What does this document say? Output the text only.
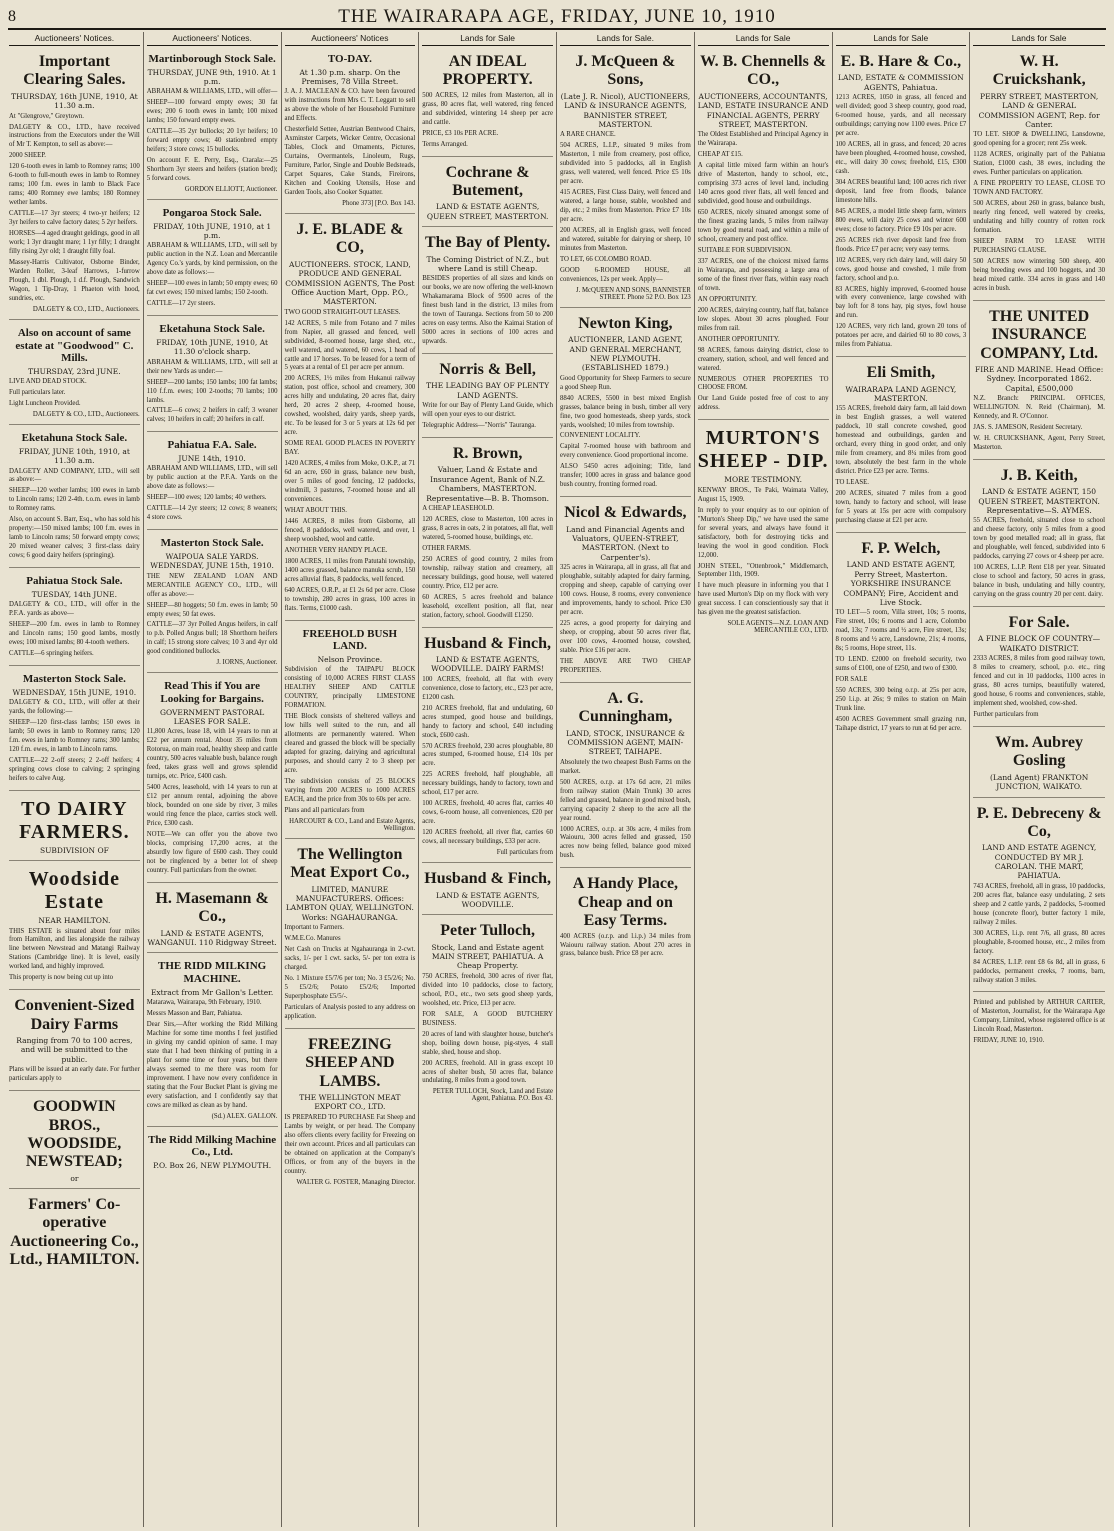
8	THE WAIRARAPA AGE, FRIDAY, JUNE 10, 1910
Auctioneers' Notices.
Important Clearing Sales.
THURSDAY, 16th JUNE, 1910, At 11.30 a.m.
At "Glengrove," Greytown.
DALGETY & CO., LTD., have received instructions from the Executors under the Will of Mr T. Kempton, to sell as above:—
2000 SHEEP.
120 6-tooth ewes in lamb to Romney rams; 100 6-tooth to full-mouth ewes in lamb to Romney rams; 100 f.m. ewes in lamb to Black Face rams; 400 Romney ewe lambs; 180 Romney wether lambs.
CATTLE—17 3yr steers; 4 two-yr heifers; 12 3yr heifers to calve factory dates; 5 2yr heifers.
HORSES—4 aged draught geldings, good in all work; 1 3yr draught mare; 1 1yr filly; 1 draught filly rising 2yr old; 1 draught filly foal.
Massey-Harris Cultivator, Osborne Binder, Warden Roller, 3-leaf Harrows, 1-furrow Plough, 1 dbl. Plough, 1 d.f. Plough, Sandwich Wagon, 1 Tip-Dray, 1 Phaeton with hood, sundries, etc.
DALGETY & CO., LTD., Auctioneers.
Also on account of same estate at "Goodwood" C. Mills.
THURSDAY, 23rd JUNE.
LIVE AND DEAD STOCK.
Full particulars later.
Light Luncheon Provided.
DALGETY & CO., LTD., Auctioneers.
Eketahuna Stock Sale.
FRIDAY, JUNE 10th, 1910, at 11.30 a.m.
DALGETY AND COMPANY, LTD., will sell as above:—
SHEEP—120 wether lambs; 100 ewes in lamb to Lincoln rams; 120 2-4th. t.o.m. ewes in lamb to Romney rams.
Also, on account S. Barr, Esq., who has sold his property:—150 mixed lambs; 100 f.m. ewes in lamb to Lincoln rams; 50 forward empty cows; 20 mixed weaner calves; 3 first-class dairy cows; 6 good dairy heifers (springing).
Pahiatua Stock Sale.
TUESDAY, 14th JUNE.
DALGETY & CO., LTD., will offer in the P.F.A. yards as above—
SHEEP—200 f.m. ewes in lamb to Romney and Lincoln rams; 150 good lambs, mostly ewes; 100 mixed lambs; 80 4-tooth wethers.
CATTLE—6 springing heifers.
Masterton Stock Sale.
WEDNESDAY, 15th JUNE, 1910.
DALGETY & CO., LTD., will offer at their yards, the following:—
SHEEP—120 first-class lambs; 150 ewes in lamb; 50 ewes in lamb to Romney rams; 120 f.m. ewes in lamb to Romney rams; 300 lambs; 120 f.m. ewes, in lamb to Lincoln rams.
CATTLE—22 2-off steers; 2 2-off heifers; 4 springing cows close to calving; 2 springing heifers to calve Aug.
TO DAIRY FARMERS.
SUBDIVISION OF
Woodside Estate
NEAR HAMILTON.
THIS ESTATE is situated about four miles from Hamilton, and lies alongside the railway line between Newstead and Matangi Railway Stations (Cambridge line). It is level, easily worked land, and highly improved.
This property is now being cut up into
Convenient-Sized Dairy Farms
Ranging from 70 to 100 acres, and will be submitted to the public.
Plans will be issued at an early date. For further particulars apply to
GOODWIN BROS., WOODSIDE, NEWSTEAD;
or
Farmers' Co-operative Auctioneering Co., Ltd., HAMILTON.
Auctioneers' Notices.
Martinborough Stock Sale.
THURSDAY, JUNE 9th, 1910. At 1 p.m.
ABRAHAM & WILLIAMS, LTD., will offer—
SHEEP—100 forward empty ewes; 30 fat ewes; 200 6 tooth ewes in lamb; 100 mixed lambs; 150 forward empty ewes.
CATTLE—35 2yr bullocks; 20 1yr heifers; 10 forward empty cows; 40 stationbred empty heifers; 3 store cows; 15 bullocks.
On account F. E. Perry, Esq., Ctarala:—25 Shorthorn 3yr steers and heifers (station bred); 5 forward cows.
GORDON ELLIOTT, Auctioneer.
Pongaroa Stock Sale.
FRIDAY, 10th JUNE, 1910, at 1 p.m.
ABRAHAM & WILLIAMS, LTD., will sell by public auction in the N.Z. Loan and Mercantile Agency Co.'s yards, by kind permission, on the above date as follows:—
SHEEP—100 ewes in lamb; 50 empty ewes; 60 fat cwt ewes; 150 mixed lambs; 150 2-tooth.
CATTLE—17 2yr steers.
Eketahuna Stock Sale.
FRIDAY, 10th JUNE, 1910, At 11.30 o'clock sharp.
ABRAHAM & WILLIAMS, LTD., will sell at their new Yards as under:—
SHEEP—200 lambs; 150 lambs; 100 fat lambs; 110 f.f.m. ewes; 100 2-tooths; 70 lambs; 100 lambs.
CATTLE—6 cows; 2 heifers in calf; 3 weaner calves; 10 heifers in calf; 20 heifers in calf.
Pahiatua F.A. Sale.
JUNE 14th, 1910.
ABRAHAM AND WILLIAMS, LTD., will sell by public auction at the P.F.A. Yards on the above date as follows:—
SHEEP—100 ewes; 120 lambs; 40 wethers.
CATTLE—14 2yr steers; 12 cows; 8 weaners; 4 store cows.
Masterton Stock Sale.
WAIPOUA SALE YARDS. WEDNESDAY, JUNE 15th, 1910.
THE NEW ZEALAND LOAN AND MERCANTILE AGENCY CO., LTD., will offer as above:—
SHEEP—80 hoggets; 50 f.m. ewes in lamb; 50 empty ewes; 50 fat ewes.
CATTLE—37 3yr Polled Angus heifers, in calf to p.b. Polled Angus bull; 18 Shorthorn heifers in calf; 15 strong store calves; 10 3 and 4yr old good conditioned bullocks.
J. IORNS, Auctioneer.
Read This if You are Looking for Bargains.
GOVERNMENT PASTORAL LEASES FOR SALE.
11,800 Acres, lease 18, with 14 years to run at £22 per annum rental. About 35 miles from Rotorua, on main road, healthy sheep and cattle country, 500 acres valuable bush, balance rough feed, takes grass well and grows splendid turnips, etc. Price, £400 cash.
5400 Acres, leasehold, with 14 years to run at £12 per annum rental, adjoining the above block, bounded on one side by river, 3 miles would ring fence the place, carries stock well. Price, £300 cash.
NOTE—We can offer you the above two blocks, comprising 17,200 acres, at the absurdly low figure of £600 cash. They could not be ringfenced by a better lot of sheep country. Full particulars from the owner.
H. Masemann & Co.,
LAND & ESTATE AGENTS, WANGANUI. 110 Ridgway Street.
THE RIDD MILKING MACHINE.
Extract from Mr Gallon's Letter.
Matarawa, Wairarapa, 9th February, 1910.
Messrs Masson and Barr, Pahiatua.
Dear Sirs,—After working the Ridd Milking Machine for some time months I feel justified in giving my candid opinion of same. I may state that I had been thinking of putting in a plant for some time or four years, but there always seemed to me there was room for improvement. I have now every confidence in stating that the Four Bucket Plant is giving me every satisfaction, and I confidently say that cows are milked as clean as by hand.
(Sd.) ALEX. GALLON.
The Ridd Milking Machine Co., Ltd.
P.O. Box 26, NEW PLYMOUTH.
Auctioneers' Notices
TO-DAY.
At 1.30 p.m. sharp. On the Premises, 78 Villa Street.
J. A. J. MACLEAN & CO. have been favoured with instructions from Mrs C. T. Leggatt to sell as above the whole of her Household Furniture and Effects.
Chesterfield Settee, Austrian Bentwood Chairs, Axminster Carpets, Wicker Centre, Occasional Tables, Clock and Ornaments, Pictures, Curtains, Overmantels, Linoleum, Rugs, Furniture, Parlor, Single and Double Bedsteads, Carpet Squares, Cake Stands, Fireirons, Kitchen and Cooking Utensils, Hose and Garden Tools, also Cooker Squatter.
Phone 373] [P.O. Box 143.
J. E. BLADE & CO,
AUCTIONEERS. STOCK, LAND, PRODUCE AND GENERAL COMMISSION AGENTS, The Post Office Auction Mart, Opp. P.O., MASTERTON.
TWO GOOD STRAIGHT-OUT LEASES.
142 ACRES, 5 mile from Fotano and 7 miles from Napier, all grassed and fenced, well subdivided, 8-roomed house, large shed, etc., well watered, and watered, 60 cows, 1 head of cattle and 17 horses. To be leased for a term of 5 years at a rental of £1 per acre per annum.
200 ACRES, 1½ miles from Hukanui railway station, post office, school and creamery, 300 acres hilly and undulating, 20 acres flat, dairy herd, 20 acres 2 sheep, 4-roomed house, cowshed, woolshed, dairy yards, sheep yards, etc. To be leased for 3 or 5 years at 12s 6d per acre.
SOME REAL GOOD PLACES IN POVERTY BAY.
1420 ACRES, 4 miles from Moke, O.K.P., at 71 6d an acre, £60 in grass, balance new bush, over 5 miles of good fencing, 12 paddocks, windmill, 3 pastures, 7-roomed house and all conveniences.
WHAT ABOUT THIS.
1446 ACRES, 8 miles from Gisborne, all fenced, 8 paddocks, well watered, and over, 1 sheep woolshed, wool and cattle.
ANOTHER VERY HANDY PLACE.
1800 ACRES, 11 miles from Patutahi township, 1400 acres grassed, balance manuka scrub, 150 acres alluvial flats, 8 paddocks, well fenced.
640 ACRES, O.R.P., at £1 2s 6d per acre. Close to township, 280 acres in grass, 100 acres in flats. Terms, £1000 cash.
FREEHOLD BUSH LAND.
Nelson Province.
Subdivision of the TAIPAPU BLOCK consisting of 10,000 ACRES FIRST CLASS HEALTHY SHEEP AND CATTLE COUNTRY, principally LIMESTONE FORMATION.
THE Block consists of sheltered valleys and low hills well suited to the run, and all allotments are permanently watered. When cleared and grassed the block will be specially adapted for grazing, dairying and agricultural purposes, and should carry 2 to 3 sheep per acre.
The subdivision consists of 25 BLOCKS varying from 200 ACRES to 1000 ACRES EACH, and the price from 30s to 60s per acre.
Plans and all particulars from
HARCOURT & CO., Land and Estate Agents, Wellington.
The Wellington Meat Export Co.,
LIMITED, MANURE MANUFACTURERS. Offices: LAMBTON QUAY, WELLINGTON. Works: NGAHAURANGA.
Important to Farmers.
W.M.E.Co. Manures
Net Cash on Trucks at Ngahauranga in 2-cwt. sacks, 1/- per 1 cwt. sacks, 5/- per ton extra is charged.
No. 1 Mixture £5/7/6 per ton; No. 3 £5/2/6; No. 5 £5/2/6; Potato £5/2/6; Imported Superphosphate £5/5/-.
Particulars of Analysis posted to any address on application.
FREEZING SHEEP AND LAMBS.
THE WELLINGTON MEAT EXPORT CO., LTD.
IS PREPARED TO PURCHASE Fat Sheep and Lambs by weight, or per head. The Company also offers clients every facility for Freezing on their own account. Prices and all particulars can be obtained on application at the Company's Offices, or from any of the buyers in the country.
WALTER G. FOSTER, Managing Director.
Lands for Sale
AN IDEAL PROPERTY.
500 ACRES, 12 miles from Masterton, all in grass, 80 acres flat, well watered, ring fenced and subdivided, wintering 14 sheep per acre and cattle.
PRICE, £3 10s PER ACRE.
Terms Arranged.
Cochrane & Butement,
LAND & ESTATE AGENTS, QUEEN STREET, MASTERTON.
The Bay of Plenty.
The Coming District of N.Z., but where Land is still Cheap.
BESIDES properties of all sizes and kinds on our books, we are now offering the well-known Whakamarama Block of 9500 acres of the finest bush land in the district, 13 miles from the town of Tauranga. Sections from 50 to 200 acres on easy terms. Also the Kaimai Station of 5000 acres in sections of 100 acres and upwards.
Norris & Bell,
THE LEADING BAY OF PLENTY LAND AGENTS.
Write for our Bay of Plenty Land Guide, which will open your eyes to our district.
Telegraphic Address—"Norris" Tauranga.
R. Brown,
Valuer, Land & Estate and Insurance Agent, Bank of N.Z. Chambers, MASTERTON. Representative—B. B. Thomson.
A CHEAP LEASEHOLD.
120 ACRES, close to Masterton, 100 acres in grass, 8 acres in oats, 2 in potatoes, all flat, well watered, 5-roomed house, buildings, etc.
OTHER FARMS.
250 ACRES of good country, 2 miles from township, railway station and creamery, all necessary buildings, good house, well watered country. Price, £12 per acre.
60 ACRES, 5 acres freehold and balance leasehold, excellent position, all flat, near station, factory, school. Goodwill £1250.
Husband & Finch,
LAND & ESTATE AGENTS, WOODVILLE. DAIRY FARMS!
100 ACRES, freehold, all flat with every convenience, close to factory, etc., £23 per acre, £1200 cash.
210 ACRES freehold, flat and undulating, 60 acres stumped, good house and buildings, handy to factory and school, £40 including stock, £600 cash.
570 ACRES freehold, 230 acres ploughable, 80 acres stumped, 6-roomed house, £14 10s per acre.
225 ACRES freehold, half ploughable, all necessary buildings, handy to factory, town and school, £17 per acre.
100 ACRES, freehold, 40 acres flat, carries 40 cows, 6-room house, all conveniences, £20 per acre.
120 ACRES freehold, all river flat, carries 60 cows, all necessary buildings, £33 per acre.
Full particulars from
Husband & Finch,
LAND & ESTATE AGENTS, WOODVILLE.
Peter Tulloch,
Stock, Land and Estate agent MAIN STREET, PAHIATUA. A Cheap Property.
750 ACRES, freehold, 300 acres of river flat, divided into 10 paddocks, close to factory, school, P.O., etc., two sets good sheep yards, woolshed, etc. Price, £13 per acre.
FOR SALE, A GOOD BUTCHERY BUSINESS.
20 acres of land with slaughter house, butcher's shop, boiling down house, pig-styes, 4 stall stable, shed, house and shop.
200 ACRES, freehold. All in grass except 10 acres of shelter bush, 50 acres flat, balance undulating, 8 miles from a good town.
PETER TULLOCH, Stock, Land and Estate Agent, Pahiatua. P.O. Box 43.
Lands for Sale.
J. McQueen & Sons,
(Late J. R. Nicol), AUCTIONEERS, LAND & INSURANCE AGENTS, BANNISTER STREET, MASTERTON.
A RARE CHANCE.
504 ACRES, L.I.P., situated 9 miles from Masterton, 1 mile from creamery, post office, subdivided into 5 paddocks, all in English grass, well watered, well fenced. Price £5 10s per acre.
415 ACRES, First Class Dairy, well fenced and watered, a large house, stable, woolshed and dip, etc.; 2 miles from Masterton. Price £7 10s per acre.
200 ACRES, all in English grass, well fenced and watered, suitable for dairying or sheep, 10 minutes from Masterton.
TO LET, 66 COLOMBO ROAD.
GOOD 6-ROOMED HOUSE, all conveniences, 12s per week. Apply—
J. McQUEEN AND SONS, BANNISTER STREET. Phone 52 P.O. Box 123
Newton King,
AUCTIONEER, LAND AGENT, AND GENERAL MERCHANT, NEW PLYMOUTH. (ESTABLISHED 1879.)
Good Opportunity for Sheep Farmers to secure a good Sheep Run.
8840 ACRES, 5500 in best mixed English grasses, balance being in bush, timber all very fine, two good homesteads, sheep yards, stock yards, woolshed; 10 miles from township.
CONVENIENT LOCALITY.
Capital 7-roomed house with bathroom and every convenience. Good proportional income.
ALSO 5450 acres adjoining; Title, land transfer; 1000 acres in grass and balance good bush country, fronting formed road.
Nicol & Edwards,
Land and Financial Agents and Valuators, QUEEN-STREET, MASTERTON. (Next to Carpenter's).
325 acres in Wairarapa, all in grass, all flat and ploughable, suitably adapted for dairy farming, cropping and sheep, capable of carrying over 100 cows. House, 8 rooms, every convenience and improvements, handy to school. Price £30 per acre.
225 acres, a good property for dairying and sheep, or cropping, about 50 acres river flat, over 100 cows, 4-roomed house, cowshed, stable. Price £16 per acre.
THE ABOVE ARE TWO CHEAP PROPERTIES.
A. G. Cunningham,
LAND, STOCK, INSURANCE & COMMISSION AGENT, MAIN-STREET, TAIHAPE.
Absolutely the two cheapest Bush Farms on the market.
500 ACRES, o.r.p. at 17s 6d acre, 21 miles from railway station (Main Trunk) 30 acres felled and grassed, balance in good mixed bush, carrying capacity 2 sheep to the acre all the year round.
1000 ACRES, o.r.p. at 30s acre, 4 miles from Waiouru, 300 acres felled and grassed, 150 acres now being felled, balance good mixed bush.
A Handy Place, Cheap and on Easy Terms.
400 ACRES (o.r.p. and l.i.p.) 34 miles from Waiouru railway station. About 270 acres in grass, balance bush. Price £8 per acre.
Lands for Sale
W. B. Chennells & CO.,
AUCTIONEERS, ACCOUNTANTS, LAND, ESTATE INSURANCE AND FINANCIAL AGENTS, PERRY STREET, MASTERTON.
The Oldest Established and Principal Agency in the Wairarapa.
CHEAP AT £15.
A capital little mixed farm within an hour's drive of Masterton, handy to school, etc., comprising 373 acres of level land, including 140 acres good river flats, all well fenced and subdivided, good house and outbuildings.
650 ACRES, nicely situated amongst some of the finest grazing lands, 5 miles from railway town by good metal road, and within a mile of school, creamery and post office.
SUITABLE FOR SUBDIVISION.
337 ACRES, one of the choicest mixed farms in Wairarapa, and possessing a large area of some of the finest river flats, within easy reach of town.
AN OPPORTUNITY.
200 ACRES, dairying country, half flat, balance low slopes. About 30 acres ploughed. Four miles from rail.
ANOTHER OPPORTUNITY.
98 ACRES, famous dairying district, close to creamery, station, school, and well fenced and watered.
NUMEROUS OTHER PROPERTIES TO CHOOSE FROM.
Our Land Guide posted free of cost to any address.
MURTON'S SHEEP - DIP.
MORE TESTIMONY.
KENWAY BROS., Te Paki, Waimata Valley, August 15, 1909.
In reply to your enquiry as to our opinion of "Murton's Sheep Dip," we have used the same for several years, and always have found it satisfactory, both for destroying ticks and leaving the wool in good condition. Flock 12,000.
JOHN STEEL, "Ottenbrook," Middlemarch, September 11th, 1909.
I have much pleasure in informing you that I have used Murton's Dip on my flock with very great success. I can conscientiously say that it has given me the greatest satisfaction.
SOLE AGENTS—N.Z. LOAN AND MERCANTILE CO., LTD.
Lands for Sale
E. B. Hare & Co.,
LAND, ESTATE & COMMISSION AGENTS, Pahiatua.
1213 ACRES, 1050 in grass, all fenced and well divided; good 3 sheep country, good road, 6-roomed house, yards, and all necessary outbuildings; carrying now 1100 ewes. Price £7 per acre.
100 ACRES, all in grass, and fenced; 20 acres have been ploughed, 4-roomed house, cowshed, etc., will dairy 30 cows; freehold, £15, £300 cash.
304 ACRES beautiful land; 100 acres rich river deposit, land free from floods, balance limestone hills.
845 ACRES, a model little sheep farm, winters 800 ewes, will dairy 25 cows and winter 600 ewes; close to factory. Price £9 10s per acre.
265 ACRES rich river deposit land free from floods. Price £7 per acre; very easy terms.
102 ACRES, very rich dairy land, will dairy 50 cows, good house and cowshed, 1 mile from factory, school and p.o.
83 ACRES, highly improved, 6-roomed house with every convenience, large cowshed with bay loft for 8 tons hay, pig styes, fowl house and run.
120 ACRES, very rich land, grown 20 tons of potatoes per acre, and dairied 60 to 80 cows, 3 miles from Pahiatua.
Eli Smith,
WAIRARAPA LAND AGENCY, MASTERTON.
155 ACRES, freehold dairy farm, all laid down in best English grasses, a well watered paddock, 10 stall concrete cowshed, good homestead and outbuildings, garden and orchard, every thing in good order, and only mile from creamery, and 8¼ miles from good town, absolutely the best farm in the whole district. Price £23 per acre. Terms.
TO LEASE.
200 ACRES, situated 7 miles from a good town, handy to factory and school, will lease for 5 years at 15s per acre with compulsory purchasing clause at £21 per acre.
F. P. Welch,
LAND AND ESTATE AGENT, Perry Street, Masterton. YORKSHIRE INSURANCE COMPANY; Fire, Accident and Live Stock.
TO LET—5 room, Villa street, 10s; 5 rooms, Fire street, 10s; 6 rooms and 1 acre, Colombo road, 13s; 7 rooms and ½ acre, Fire street, 13s; 8 rooms and ½ acre, Lansdowne, 21s; 4 rooms, 8s; 5 rooms, Hope street, 11s.
TO LEND. £2000 on freehold security, two sums of £100, one of £250, and two of £300.
FOR SALE
550 ACRES, 300 being o.r.p. at 25s per acre, 250 l.i.p. at 26s; 9 miles to station on Main Trunk line.
4500 ACRES Government small grazing run, Taihape district, 17 years to run at 6d per acre.
Lands for Sale
W. H. Cruickshank,
PERRY STREET, MASTERTON, LAND & GENERAL COMMISSION AGENT, Rep. for Canter.
TO LET. SHOP & DWELLING, Lansdowne, good opening for a grocer; rent 25s week.
1128 ACRES, originally part of the Pahiatua Station, £1000 cash, 38 ewes, including the ewes. Further particulars on application.
A FINE PROPERTY TO LEASE, CLOSE TO TOWN AND FACTORY.
500 ACRES, about 260 in grass, balance bush, nearly ring fenced, well watered by creeks, undulating and hilly country of rotten rock formation.
SHEEP FARM TO LEASE WITH PURCHASING CLAUSE.
500 ACRES now wintering 500 sheep, 400 being breeding ewes and 100 hoggets, and 30 head mixed cattle. 334 acres in grass and 140 acres in bush.
THE UNITED INSURANCE COMPANY, Ltd.
FIRE AND MARINE. Head Office: Sydney. Incorporated 1862. Capital, £500,000
N.Z. Branch: PRINCIPAL OFFICES, WELLINGTON. N. Reid (Chairman), M. Kennedy, and R. O'Connor.
JAS. S. JAMESON, Resident Secretary.
W. H. CRUICKSHANK, Agent, Perry Street, Masterton.
J. B. Keith,
LAND & ESTATE AGENT, 150 QUEEN STREET, MASTERTON. Representative—S. AYMES.
55 ACRES, freehold, situated close to school and cheese factory, only 5 miles from a good town by good metalled road; all in grass, flat and ploughable, well fenced, subdivided into 6 paddocks, carrying 27 cows or 4 sheep per acre.
100 ACRES, L.I.P. Rent £18 per year. Situated close to school and factory, 50 acres in grass, balance in bush, undulating and hilly country, carrying on the grass country 20 per cent. dairy.
For Sale.
A FINE BLOCK OF COUNTRY—WAIKATO DISTRICT.
2333 ACRES, 8 miles from good railway town, 8 miles to creamery, school, p.o. etc., ring fenced and cut in 10 paddocks, 1100 acres in grass, 80 acres turnips, beautifully watered, good house, 6 rooms and conveniences, stable, implement shed, woolshed, cow-shed.
Further particulars from
Wm. Aubrey Gosling
(Land Agent) FRANKTON JUNCTION, WAIKATO.
P. E. Debreceny & Co,
LAND AND ESTATE AGENCY, CONDUCTED BY MR J. CAROLAN. THE MART, PAHIATUA.
743 ACRES, freehold, all in grass, 10 paddocks, 200 acres flat, balance easy undulating, 2 sets sheep and 2 cattle yards, 2 paddocks, 5-roomed house (concrete floor), butter factory 1 mile, railway 2 miles.
300 ACRES, l.i.p. rent 7/6, all grass, 80 acres ploughable, 8-roomed house, etc., 2 miles from factory.
84 ACRES, L.I.P. rent £8 6s 8d, all in grass, 6 paddocks, permanent creeks, 7 rooms, barn, railway station 3 miles.
Printed and published by ARTHUR CARTER, of Masterton, Journalist, for the Wairarapa Age Company, Limited, whose registered office is at Lincoln Road, Masterton.
FRIDAY, JUNE 10, 1910.
